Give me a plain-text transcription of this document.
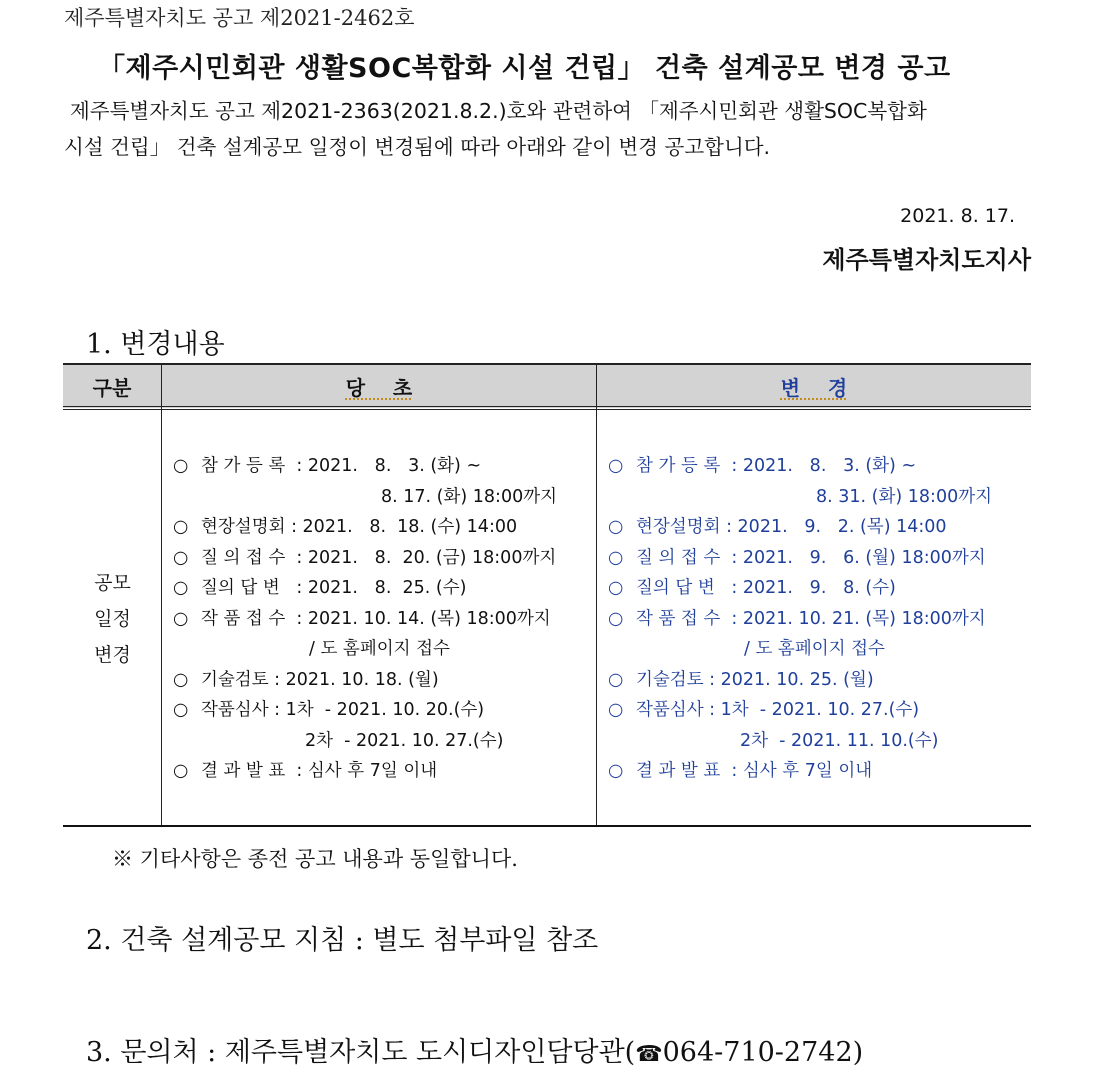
제주특별자치도 공고 제2021-2462호
「제주시민회관 생활SOC복합화 시설 건립」 건축 설계공모 변경 공고
제주특별자치도 공고 제2021-2363(2021.8.2.)호와 관련하여 「제주시민회관 생활SOC복합화
시설 건립」 건축 설계공모 일정이 변경됨에 따라 아래와 같이 변경 공고합니다.
2021. 8. 17.
제주특별자치도지사
1. 변경내용
구분	당    초	변    경
공모
일정
변경
○ 참 가 등 록  : 2021.   8.   3. (화) ~
8. 17. (화) 18:00까지
○ 현장설명회 : 2021.   8.  18. (수) 14:00
○ 질 의 접 수  : 2021.   8.  20. (금) 18:00까지
○ 질의 답 변   : 2021.   8.  25. (수)
○ 작 품 접 수  : 2021. 10. 14. (목) 18:00까지
/ 도 홈페이지 접수
○ 기술검토 : 2021. 10. 18. (월)
○ 작품심사 : 1차  - 2021. 10. 20.(수)
2차  - 2021. 10. 27.(수)
○ 결 과 발 표  : 심사 후 7일 이내
○ 참 가 등 록  : 2021.   8.   3. (화) ~
8. 31. (화) 18:00까지
○ 현장설명회 : 2021.   9.   2. (목) 14:00
○ 질 의 접 수  : 2021.   9.   6. (월) 18:00까지
○ 질의 답 변   : 2021.   9.   8. (수)
○ 작 품 접 수  : 2021. 10. 21. (목) 18:00까지
/ 도 홈페이지 접수
○ 기술검토 : 2021. 10. 25. (월)
○ 작품심사 : 1차  - 2021. 10. 27.(수)
2차  - 2021. 11. 10.(수)
○ 결 과 발 표  : 심사 후 7일 이내
※ 기타사항은 종전 공고 내용과 동일합니다.
2. 건축 설계공모 지침 : 별도 첨부파일 참조
3. 문의처 : 제주특별자치도 도시디자인담당관(☎064-710-2742)
